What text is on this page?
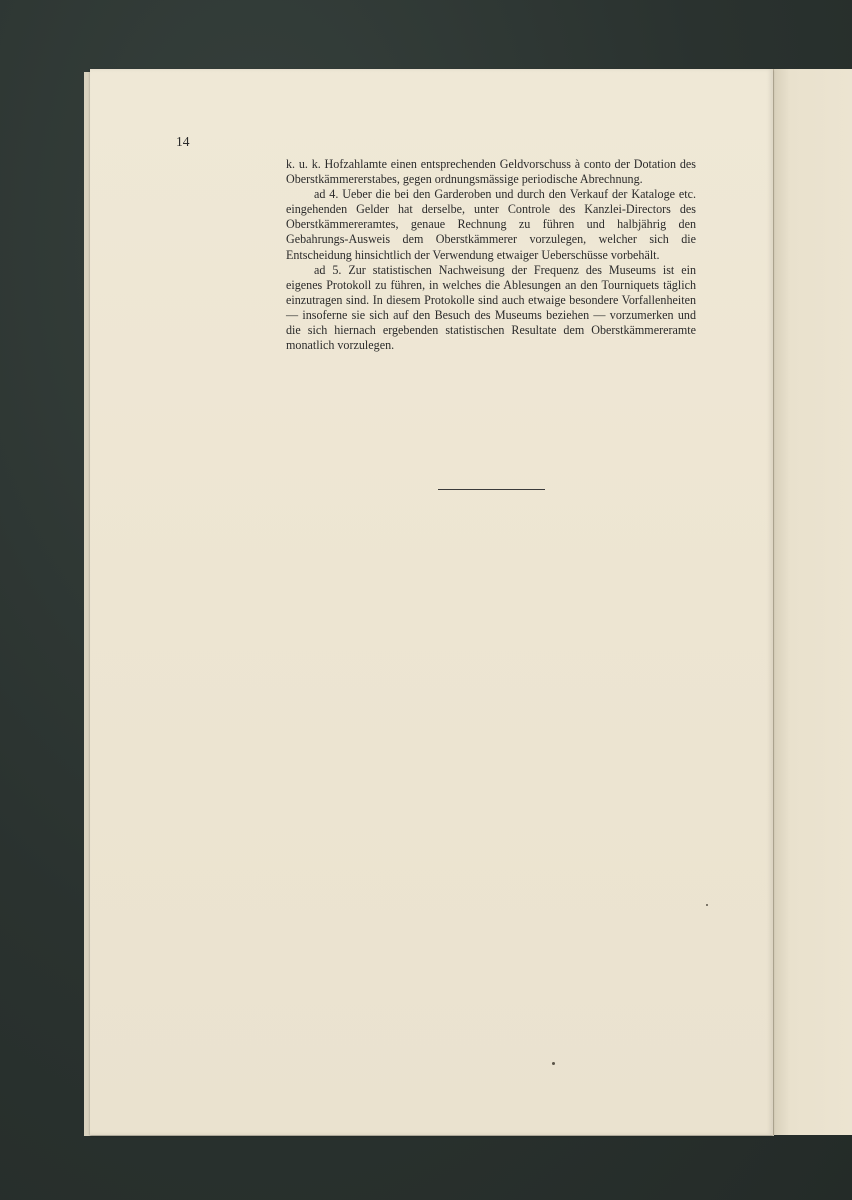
14

k. u. k. Hofzahlamte einen entsprechenden Geldvorschuss à conto der Dotation des Oberstkämmererstabes, gegen ordnungsmässige periodische Abrechnung.

ad 4. Ueber die bei den Garderoben und durch den Verkauf der Kataloge etc. eingehenden Gelder hat derselbe, unter Controle des Kanzlei-Directors des Oberstkämmereramtes, genaue Rechnung zu führen und halbjährig den Gebahrungs-Ausweis dem Oberstkämmerer vorzulegen, welcher sich die Entscheidung hinsichtlich der Verwendung etwaiger Ueberschüsse vorbehält.

ad 5. Zur statistischen Nachweisung der Frequenz des Museums ist ein eigenes Protokoll zu führen, in welches die Ablesungen an den Tourniquets täglich einzutragen sind. In diesem Protokolle sind auch etwaige besondere Vorfallenheiten — insoferne sie sich auf den Besuch des Museums beziehen — vorzumerken und die sich hiernach ergebenden statistischen Resultate dem Oberstkämmereramte monatlich vorzulegen.
